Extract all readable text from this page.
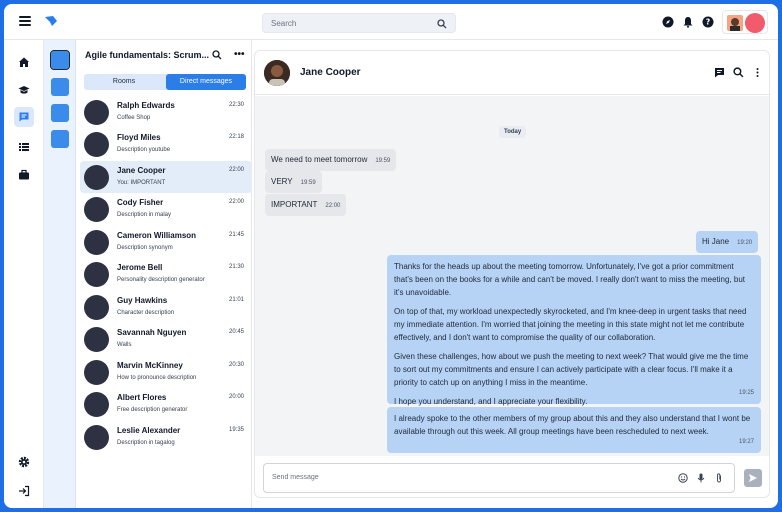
Search	?
Agile fundamentals: Scrum... •••
Rooms	Direct messages
Ralph Edwards
Coffee Shop
22:30
Floyd Miles
Description youtube
22:18
Jane Cooper
You: IMPORTANT
22:00
Cody Fisher
Description in malay
22:00
Cameron Williamson
Description synonym
21:45
Jerome Bell
Personality description generator
21:30
Guy Hawkins
Character description
21:01
Savannah Nguyen
Walls
20:45
Marvin McKinney
How to pronounce description
20:30
Albert Flores
Free description generator
20:00
Leslie Alexander
Description in tagalog
19:35
Jane Cooper
Today
We need to meet tomorrow 19:59
VERY 19:59
IMPORTANT 22:00
Hi Jane 19:20

Thanks for the heads up about the meeting tomorrow. Unfortunately, I've got a prior commitment that's been on the books for a while and can't be moved. I really don't want to miss the meeting, but it's unavoidable.

On top of that, my workload unexpectedly skyrocketed, and I'm knee-deep in urgent tasks that need my immediate attention. I'm worried that joining the meeting in this state might not let me contribute effectively, and I don't want to compromise the quality of our collaboration.

Given these challenges, how about we push the meeting to next week? That would give me the time to sort out my commitments and ensure I can actively participate with a clear focus. I'll make it a priority to catch up on anything I miss in the meantime.

I hope you understand, and I appreciate your flexibility.

19:25

I already spoke to the other members of my group about this and they also understand that I wont be available through out this week. All group meetings have been rescheduled to next week.

19:27
Send message
